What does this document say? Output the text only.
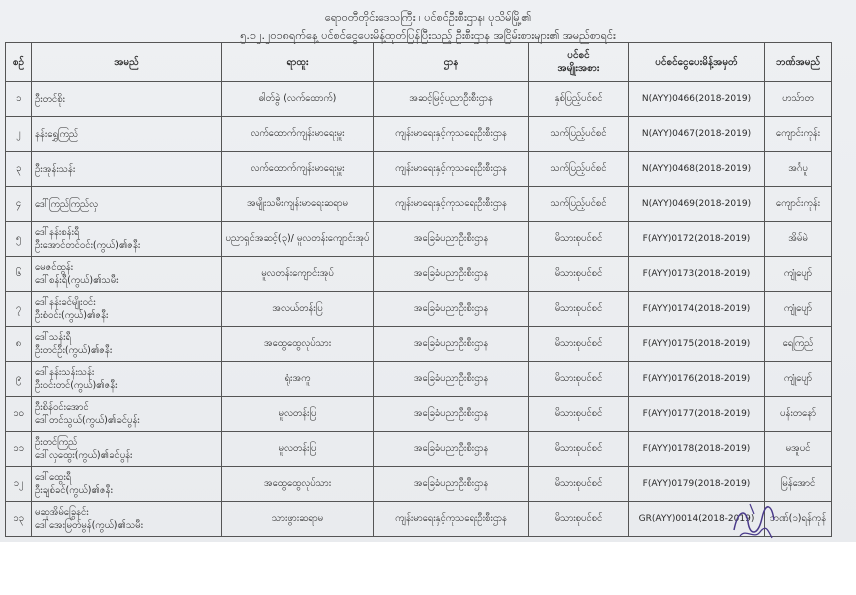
ရောဝတီတိုင်းဒေသကြီး ၊ ပင်စင်ဦးစီးဌာန၊ ပုသိမ်မြို့၏
၅.၁၂.၂၀၁၈ရက်နေ့ ပင်စင်ငွေပေးမိန့်ထုတ်ပြန်ပြီးသည့် ဦးစီးဌာန အငြိမ်းစားများ၏ အမည်စာရင်း
စဉ်	အမည်	ရာထူး	ဌာန	ပင်စင်
အမျိုးအစား	ပင်စင်ငွေပေးမိန့်အမှတ်	ဘဏ်အမည်
၁	ဦးတင်စိုး	ဓါတ်ခွဲ (လက်ထောက်)	အဆင့်မြင့်ပညာဦးစီးဌာန	နှစ်ပြည့်ပင်စင်	N(AYY)0466(2018-2019)	ဟသ်ာတ
၂	နန်းရွှေကြည်	လက်ထောက်ကျန်းမာရေးမှူး	ကျန်းမာရေးနှင့်ကုသရေးဦးစီးဌာန	သက်ပြည့်ပင်စင်	N(AYY)0467(2018-2019)	ကျောင်းကုန်း
၃	ဦးအုန်းသန်း	လက်ထောက်ကျန်းမာရေးမှူး	ကျန်းမာရေးနှင့်ကုသရေးဦးစီးဌာန	သက်ပြည့်ပင်စင်	N(AYY)0468(2018-2019)	အင်္ဂပူ
၄	ဒေါ်ကြည်ကြည်လှ	အမျိုးသမီးကျန်းမာရေးဆရာမ	ကျန်းမာရေးနှင့်ကုသရေးဦးစီးဌာန	သက်ပြည့်ပင်စင်	N(AYY)0469(2018-2019)	ကျောင်းကုန်း
၅	ဒေါ်နန်းစန်းရီ
ဦးအောင်တင်ဝင်း(ကွယ်)၏ဇနီး	ပညာရှင်အဆင့်(၃)/ မူလတန်းကျောင်းအုပ်	အခြေခံပညာဦးစီးဌာန	မိသားစုပင်စင်	F(AYY)0172(2018-2019)	အိမ်မဲ
၆	မေဇင်ထွန်း
ဒေါ်စန်းရီ(ကွယ်)၏သမီး	မူလတန်းကျောင်းအုပ်	အခြေခံပညာဦးစီးဌာန	မိသားစုပင်စင်	F(AYY)0173(2018-2019)	ကျုံပျော်
၇	ဒေါ်နန်းခင်မျိုးဝင်း
ဦးစံဝင်း(ကွယ်)၏ဇနီး	အလယ်တန်းပြ	အခြေခံပညာဦးစီးဌာန	မိသားစုပင်စင်	F(AYY)0174(2018-2019)	ကျုံပျော်
၈	ဒေါ်သန်းရီ
ဦးတင်ဦး(ကွယ်)၏ဇနီး	အထွေထွေလုပ်သား	အခြေခံပညာဦးစီးဌာန	မိသားစုပင်စင်	F(AYY)0175(2018-2019)	ရေကြည်
၉	ဒေါ်နန်းသန်းသန်း
ဦးဝင်းတင်(ကွယ်)၏ဇနီး	ရုံးအကူ	အခြေခံပညာဦးစီးဌာန	မိသားစုပင်စင်	F(AYY)0176(2018-2019)	ကျုံပျော်
၁၀	ဦးစိန်ဝင်းအောင်
ဒေါ်တင်သွယ်(ကွယ်)၏ခင်ပွန်း	မူလတန်းပြ	အခြေခံပညာဦးစီးဌာန	မိသားစုပင်စင်	F(AYY)0177(2018-2019)	ပန်းတနော်
၁၁	ဦးတင်ကြည်
ဒေါ်လှထွေး(ကွယ်)၏ခင်ပွန်း	မူလတန်းပြ	အခြေခံပညာဦးစီးဌာန	မိသားစုပင်စင်	F(AYY)0178(2018-2019)	မအူပင်
၁၂	ဒေါ်ထွေးရီ
ဦးချစ်ခင်(ကွယ်)၏ဇနီး	အထွေထွေလုပ်သား	အခြေခံပညာဦးစီးဌာန	မိသားစုပင်စင်	F(AYY)0179(2018-2019)	မြန်အောင်
၁၃	မဆုအိမ်ခြွေနင်း
ဒေါ်အေးမြတ်မွန်(ကွယ်)၏သမီး	သားဖွားဆရာမ	ကျန်းမာရေးနှင့်ကုသရေးဦးစီးဌာန	မိသားစုပင်စင်	GR(AYY)0014(2018-2019)	ဘဏ်(၁)ရန်ကုန်
